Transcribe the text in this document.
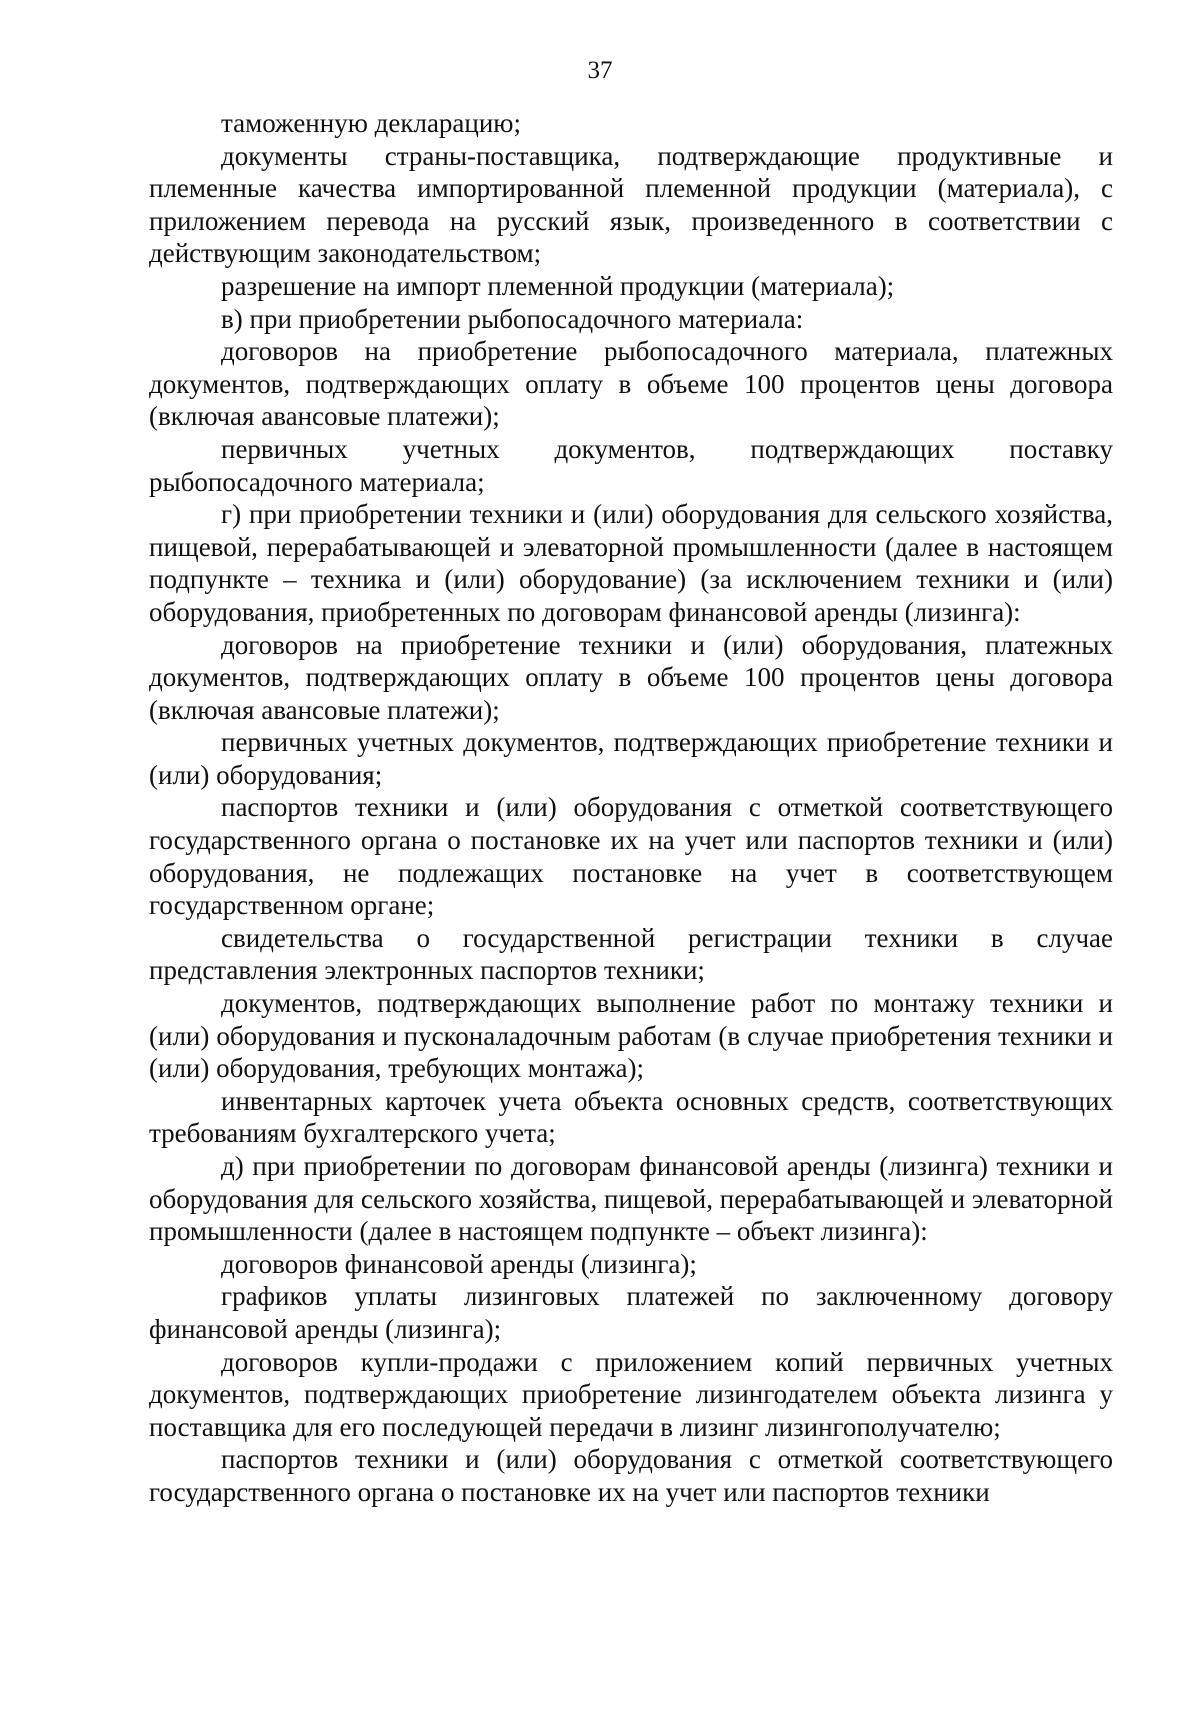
37

таможенную декларацию;

документы страны-поставщика, подтверждающие продуктивные и племенные качества импортированной племенной продукции (материала), с приложением перевода на русский язык, произведенного в соответствии с действующим законодательством;

разрешение на импорт племенной продукции (материала);

в) при приобретении рыбопосадочного материала:

договоров на приобретение рыбопосадочного материала, платежных документов, подтверждающих оплату в объеме 100 процентов цены договора (включая авансовые платежи);

первичных учетных документов, подтверждающих поставку рыбопосадочного материала;

г) при приобретении техники и (или) оборудования для сельского хозяйства, пищевой, перерабатывающей и элеваторной промышленности (далее в настоящем подпункте – техника и (или) оборудование) (за исключением техники и (или) оборудования, приобретенных по договорам финансовой аренды (лизинга):

договоров на приобретение техники и (или) оборудования, платежных документов, подтверждающих оплату в объеме 100 процентов цены договора (включая авансовые платежи);

первичных учетных документов, подтверждающих приобретение техники и (или) оборудования;

паспортов техники и (или) оборудования с отметкой соответствующего государственного органа о постановке их на учет или паспортов техники и (или) оборудования, не подлежащих постановке на учет в соответствующем государственном органе;

свидетельства о государственной регистрации техники в случае представления электронных паспортов техники;

документов, подтверждающих выполнение работ по монтажу техники и (или) оборудования и пусконаладочным работам (в случае приобретения техники и (или) оборудования, требующих монтажа);

инвентарных карточек учета объекта основных средств, соответствующих требованиям бухгалтерского учета;

д) при приобретении по договорам финансовой аренды (лизинга) техники и оборудования для сельского хозяйства, пищевой, перерабатывающей и элеваторной промышленности (далее в настоящем подпункте – объект лизинга):

договоров финансовой аренды (лизинга);

графиков уплаты лизинговых платежей по заключенному договору финансовой аренды (лизинга);

договоров купли-продажи с приложением копий первичных учетных документов, подтверждающих приобретение лизингодателем объекта лизинга у поставщика для его последующей передачи в лизинг лизингополучателю;

паспортов техники и (или) оборудования с отметкой соответствующего государственного органа о постановке их на учет или паспортов техники
